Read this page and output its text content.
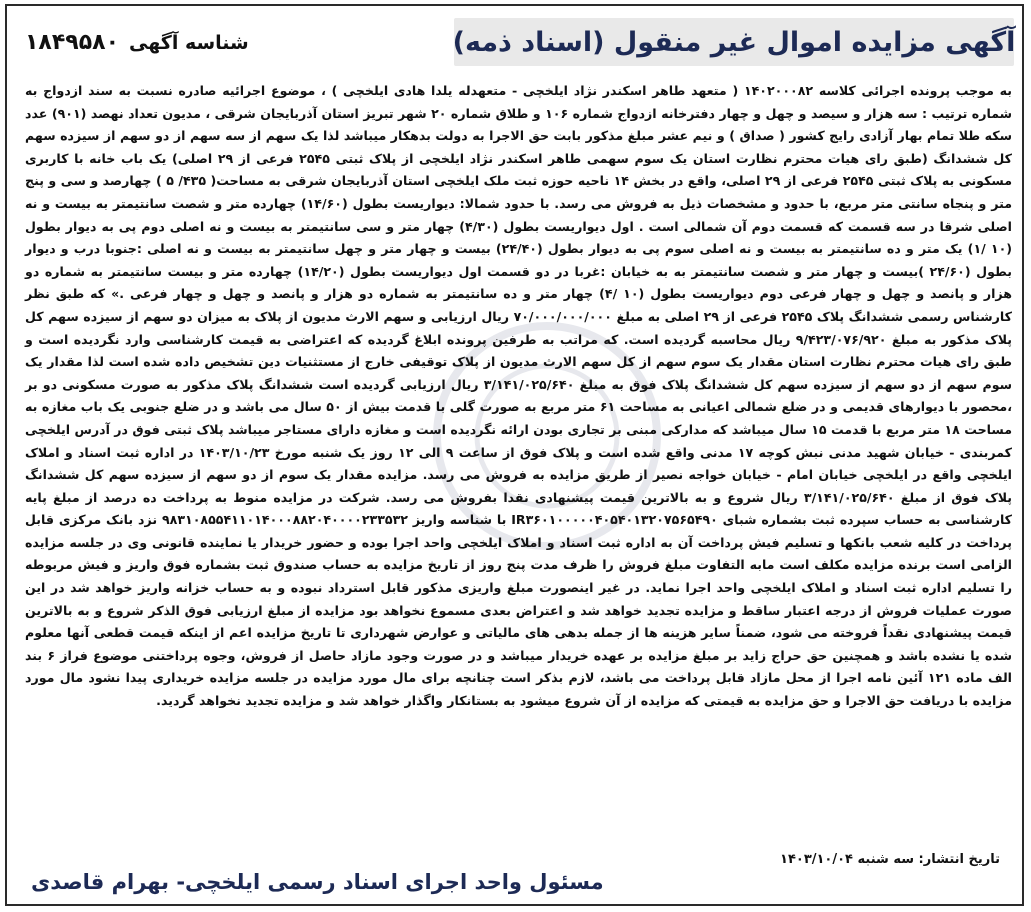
آگهی مزایده اموال غیر منقول (اسناد ذمه)
شناسه آگهی
۱۸۴۹۵۸۰

به موجب پرونده اجرائی کلاسه ۱۴۰۲۰۰۰۸۲ ( متعهد طاهر اسکندر نژاد ایلخچی - متعهدله یلدا هادی ایلخچی ) ، موضوع اجرائیه صادره نسبت به سند ازدواج به شماره ترتیب : سه هزار و سیصد و چهل و چهار دفترخانه ازدواج شماره ۱۰۶ و طلاق شماره ۲۰ شهر تبریز استان آذربایجان شرقی ، مدیون تعداد نهصد (۹۰۱) عدد سکه طلا تمام بهار آزادی رایج کشور ( صداق ) و نیم عشر مبلغ مذکور بابت حق الاجرا به دولت بدهکار میباشد لذا یک سهم از سه سهم از دو سهم از سیزده سهم کل ششدانگ (طبق رای هیات محترم نظارت استان یک سوم سهمی طاهر اسکندر نژاد ایلخچی از پلاک ثبتی ۲۵۴۵ فرعی از ۲۹ اصلی) یک باب خانه با کاربری مسکونی به پلاک ثبتی ۲۵۴۵ فرعی از ۲۹ اصلی، واقع در بخش ۱۴ ناحیه حوزه ثبت ملک ایلخچی استان آذربایجان شرقی به مساحت( ۴۳۵/ ۵ ) چهارصد و سی و پنج متر و پنجاه سانتی متر مربع، با حدود و مشخصات ذیل به فروش می رسد. با حدود شمالا: دیواریست بطول (۱۴/۶۰) چهارده متر و شصت سانتیمتر به بیست و نه اصلی شرقا در سه قسمت که قسمت دوم آن شمالی است . اول دیواریست بطول (۴/۳۰) چهار متر و سی سانتیمتر به بیست و نه اصلی دوم پی به دیوار بطول (۱۰ /۱) یک متر و ده سانتیمتر به بیست و نه اصلی سوم پی به دیوار بطول (۲۴/۴۰) بیست و چهار متر و چهل سانتیمتر به بیست و نه اصلی :جنوبا درب و دیوار بطول (۲۴/۶۰ )بیست و چهار متر و شصت سانتیمتر به به خیابان :غربا در دو قسمت اول دیواریست بطول (۱۴/۲۰) چهارده متر و بیست سانتیمتر به شماره دو هزار و پانصد و چهل و چهار فرعی دوم دیواریست بطول (۱۰ /۴) چهار متر و ده سانتیمتر به شماره دو هزار و پانصد و چهل و چهار فرعی .» که طبق نظر کارشناس رسمی ششدانگ پلاک ۲۵۴۵ فرعی از ۲۹ اصلی به مبلغ ۷۰/۰۰۰/۰۰۰/۰۰۰ ریال ارزیابی و سهم الارث مدیون از پلاک به میزان دو سهم از سیزده سهم کل پلاک مذکور به مبلغ ۹/۴۲۳/۰۷۶/۹۲۰ ریال محاسبه گردیده است. که مراتب به طرفین پرونده ابلاغ گردیده که اعتراضی به قیمت کارشناسی وارد نگردیده است و طبق رای هیات محترم نظارت استان مقدار یک سوم سهم از کل سهم الارث مدیون از پلاک توقیفی خارج از مستثنیات دین تشخیص داده شده است لذا مقدار یک سوم سهم از دو سهم از سیزده سهم کل ششدانگ پلاک فوق به مبلغ ۳/۱۴۱/۰۲۵/۶۴۰ ریال ارزیابی گردیده است ششدانگ پلاک مذکور به صورت مسکونی دو بر ،محصور با دیوارهای قدیمی و در ضلع شمالی اعیانی به مساحت ۶۱ متر مربع به صورت گلی با قدمت بیش از ۵۰ سال می باشد و در ضلع جنوبی یک باب مغازه به مساحت ۱۸ متر مربع با قدمت ۱۵ سال میباشد که مدارکی مبنی بر تجاری بودن ارائه نگردیده است و مغازه دارای مستاجر میباشد پلاک ثبتی فوق در آدرس ایلخچی کمربندی - خیابان شهید مدنی نبش کوچه ۱۷ مدنی واقع شده است و پلاک فوق از ساعت ۹ الی ۱۲ روز یک شنبه مورخ ۱۴۰۳/۱۰/۲۳ در اداره ثبت اسناد و املاک ایلخچی واقع در ایلخچی خیابان امام - خیابان خواجه نصیر از طریق مزایده به فروش می رسد. مزایده مقدار یک سوم از دو سهم از سیزده سهم کل ششدانگ پلاک فوق از مبلغ ۳/۱۴۱/۰۲۵/۶۴۰ ریال شروع و به بالاترین قیمت پیشنهادی نقدا بفروش می رسد. شرکت در مزایده منوط به پرداخت ده درصد از مبلغ پایه کارشناسی به حساب سپرده ثبت بشماره شبای IR۳۶۰۱۰۰۰۰۰۴۰۵۴۰۱۳۲۰۷۵۶۵۴۹۰ با شناسه واریز ۹۸۳۱۰۸۵۵۴۱۱۰۱۴۰۰۰۸۸۲۰۴۰۰۰۰۲۳۳۵۳۲ نزد بانک مرکزی قابل پرداخت در کلیه شعب بانکها و تسلیم فیش پرداخت آن به اداره ثبت اسناد و املاک ایلخچی واحد اجرا بوده و حضور خریدار یا نماینده قانونی وی در جلسه مزایده الزامی است برنده مزایده مکلف است مابه التفاوت مبلغ فروش را ظرف مدت پنج روز از تاریخ مزایده به حساب صندوق ثبت بشماره فوق واریز و فیش مربوطه را تسلیم اداره ثبت اسناد و املاک ایلخچی واحد اجرا نماید. در غیر اینصورت مبلغ واریزی مذکور قابل استرداد نبوده و به حساب خزانه واریز خواهد شد در این صورت عملیات فروش از درجه اعتبار ساقط و مزایده تجدید خواهد شد و اعتراض بعدی مسموع نخواهد بود مزایده از مبلغ ارزیابی فوق الذکر شروع و به بالاترین قیمت پیشنهادی نقداً فروخته می شود، ضمناً سایر هزینه ها از جمله بدهی های مالیاتی و عوارض شهرداری تا تاریخ مزایده اعم از اینکه قیمت قطعی آنها معلوم شده یا نشده باشد و همچنین حق حراج زاید بر مبلغ مزایده بر عهده خریدار میباشد و در صورت وجود مازاد حاصل از فروش، وجوه پرداختنی موضوع فراز ۶ بند الف ماده ۱۲۱ آئین نامه اجرا از محل مازاد قابل پرداخت می باشد، لازم بذکر است چنانچه برای مال مورد مزایده در جلسه مزایده خریداری پیدا نشود مال مورد مزایده با دریافت حق الاجرا و حق مزایده به قیمتی که مزایده از آن شروع میشود به بستانکار واگذار خواهد شد و مزایده تجدید نخواهد گردید.

تاریخ انتشار: سه شنبه ۱۴۰۳/۱۰/۰۴
مسئول واحد اجرای اسناد رسمی ایلخچی- بهرام قاصدی
